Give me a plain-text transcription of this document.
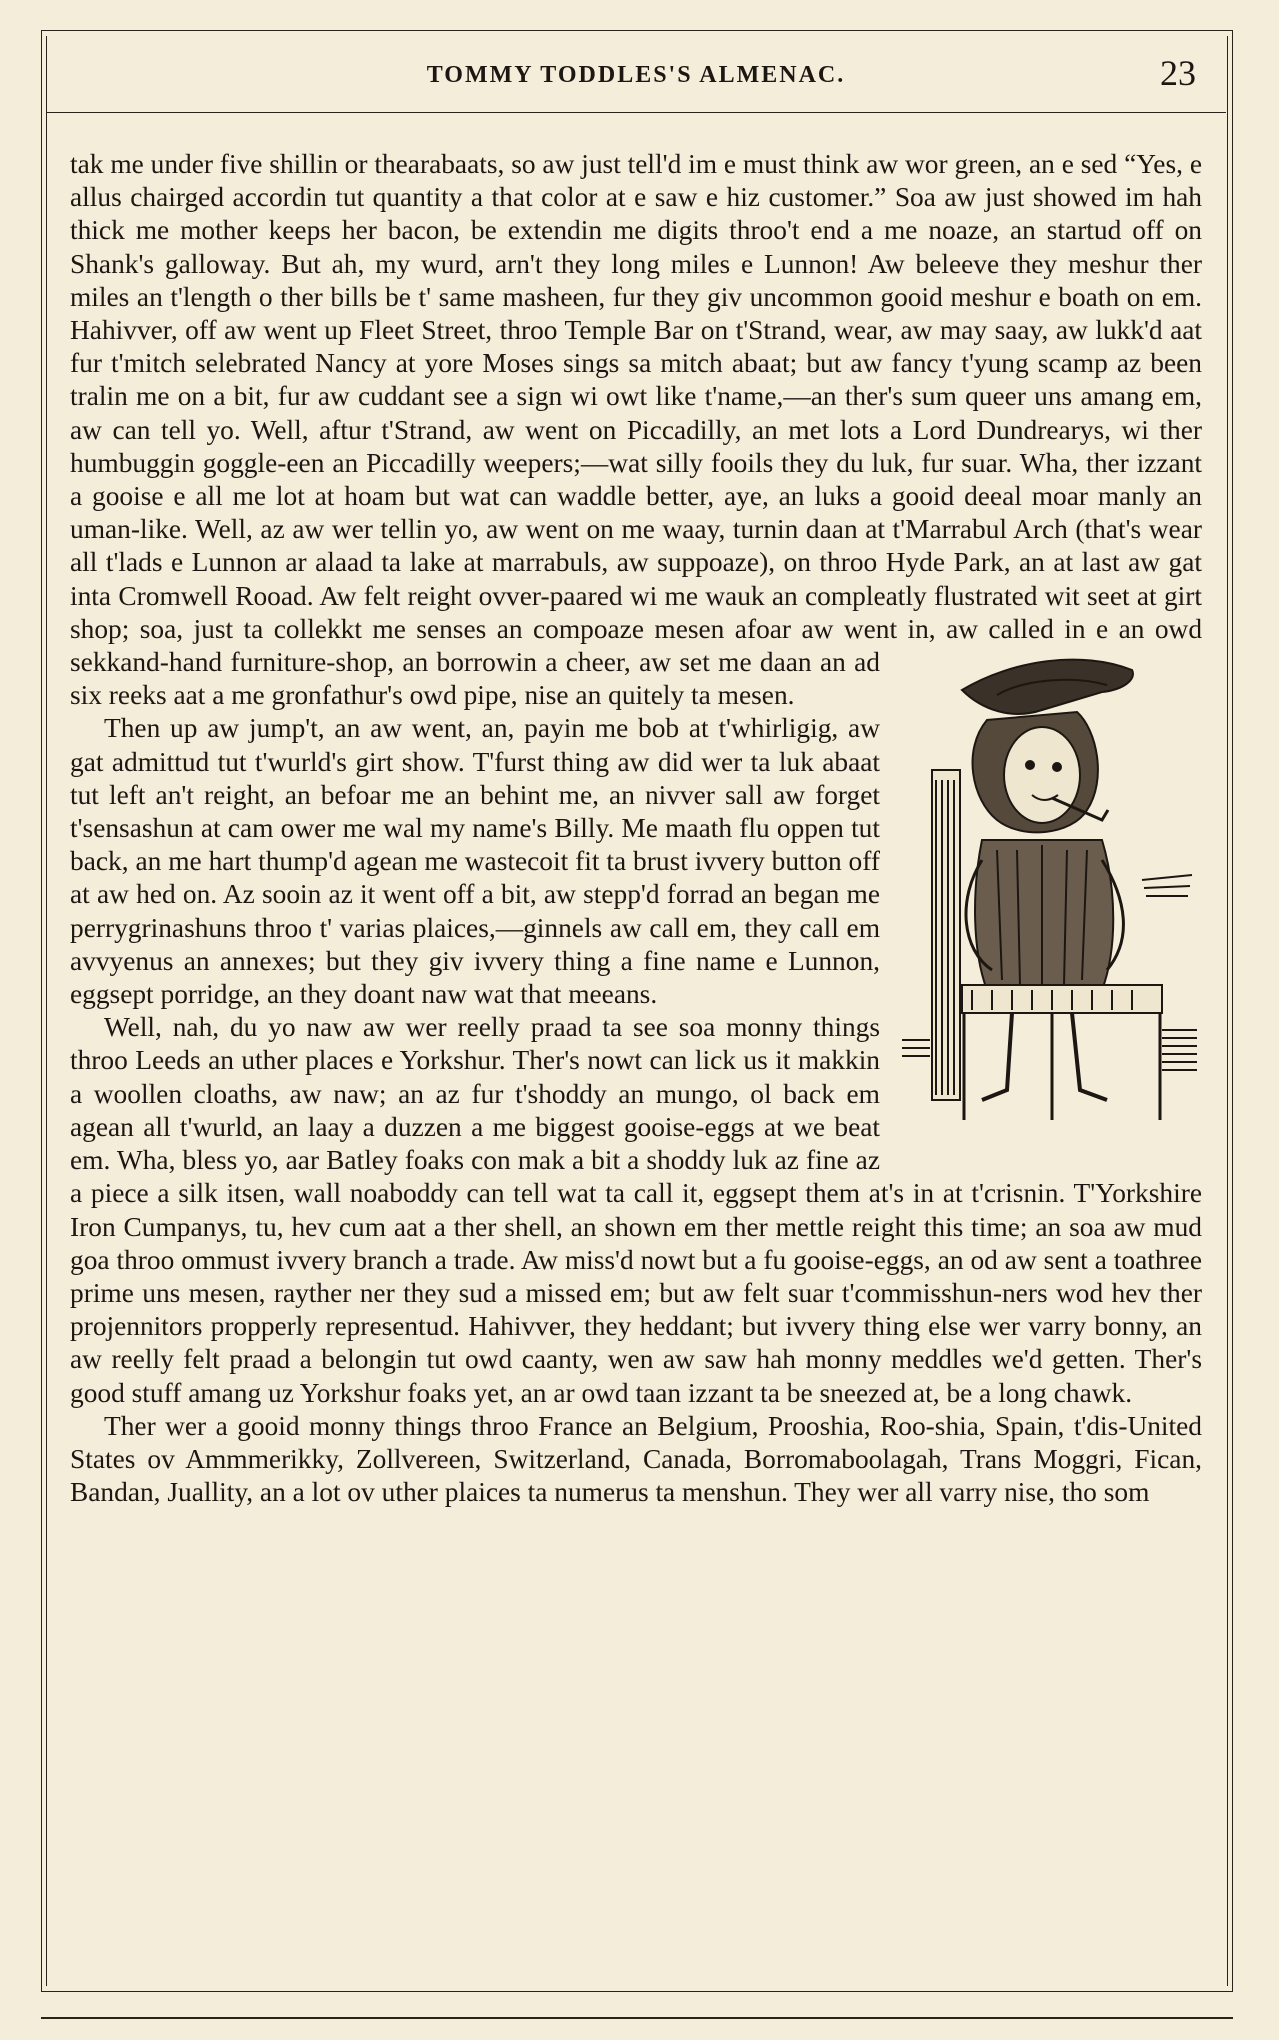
TOMMY TODDLES'S ALMENAC.	23

tak me under five shillin or thearabaats, so aw just tell'd im e must think aw wor green, an e sed “Yes, e allus chairged accordin tut quantity a that color at e saw e hiz customer.” Soa aw just showed im hah thick me mother keeps her bacon, be extendin me digits throo't end a me noaze, an startud off on Shank's galloway. But ah, my wurd, arn't they long miles e Lunnon! Aw beleeve they meshur ther miles an t'length o ther bills be t' same masheen, fur they giv uncommon gooid meshur e boath on em. Hahivver, off aw went up Fleet Street, throo Temple Bar on t'Strand, wear, aw may saay, aw lukk'd aat fur t'mitch selebrated Nancy at yore Moses sings sa mitch abaat; but aw fancy t'yung scamp az been tralin me on a bit, fur aw cuddant see a sign wi owt like t'name,—an ther's sum queer uns amang em, aw can tell yo. Well, aftur t'Strand, aw went on Piccadilly, an met lots a Lord Dundrearys, wi ther humbuggin goggle-een an Piccadilly weepers;—wat silly fooils they du luk, fur suar. Wha, ther izzant a gooise e all me lot at hoam but wat can waddle better, aye, an luks a gooid deeal moar manly an uman-like. Well, az aw wer tellin yo, aw went on me waay, turnin daan at t'Marrabul Arch (that's wear all t'lads e Lunnon ar alaad ta lake at marrabuls, aw suppoaze), on throo Hyde Park, an at last aw gat inta Cromwell Rooad. Aw felt reight ovver-paared wi me wauk an compleatly flustrated wit seet at girt shop; soa, just ta collekkt me senses an compoaze mesen afoar aw went in, aw called in e

an owd sekkand-hand furniture-shop, an borrowin a cheer, aw set me daan an ad six reeks aat a me gronfathur's owd pipe, nise an quitely ta mesen.

Then up aw jump't, an aw went, an, payin me bob at t'whirligig, aw gat admittud tut t'wurld's girt show. T'furst thing aw did wer ta luk abaat tut left an't reight, an befoar me an behint me, an nivver sall aw forget t'sensashun at cam ower me wal my name's Billy. Me maath flu oppen tut back, an me hart thump'd agean me wastecoit fit ta brust ivvery button off at aw hed on. Az sooin az it went off a bit, aw stepp'd forrad an began me perrygrinashuns throo t' varias plaices,—ginnels aw call em, they call em avvyenus an annexes; but they giv ivvery thing a fine name e Lunnon, eggsept porridge, an they doant naw wat that meeans.

Well, nah, du yo naw aw wer reelly praad ta see soa monny things throo Leeds an uther places e Yorkshur. Ther's nowt can lick us it makkin a woollen cloaths, aw naw; an az fur t'shoddy an mungo, ol back em agean all t'wurld, an laay a duzzen a me biggest gooise-eggs at we beat em. Wha, bless yo, aar Batley foaks con mak a bit a shoddy luk az fine az a piece a silk itsen, wall noaboddy can tell wat ta call it, eggsept them at's in at t'crisnin. T'Yorkshire Iron Cumpanys, tu, hev cum aat a ther shell, an shown em ther mettle reight this time; an soa aw mud goa throo ommust ivvery branch a trade. Aw miss'd nowt but a fu gooise-eggs, an od aw sent a toathree prime uns mesen, rayther ner they sud a missed em; but aw felt suar t'commisshun-ners wod hev ther projennitors propperly representud. Hahivver, they heddant; but ivvery thing else wer varry bonny, an aw reelly felt praad a belongin tut owd caanty, wen aw saw hah monny meddles we'd getten. Ther's good stuff amang uz Yorkshur foaks yet, an ar owd taan izzant ta be sneezed at, be a long chawk.

Ther wer a gooid monny things throo France an Belgium, Prooshia, Roo-shia, Spain, t'dis-United States ov Ammmerikky, Zollvereen, Switzerland, Canada, Borromaboolagah, Trans Moggri, Fican, Bandan, Juallity, an a lot ov uther plaices ta numerus ta menshun. They wer all varry nise, tho som
